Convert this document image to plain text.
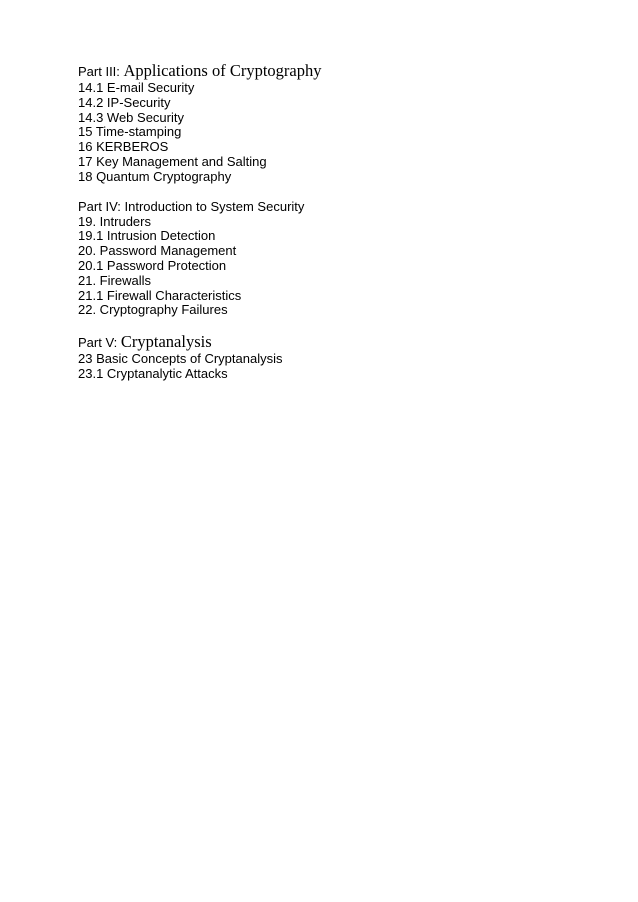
Part III: Applications of Cryptography
14.1 E-mail Security
14.2 IP-Security
14.3 Web Security
15 Time-stamping
16 KERBEROS
17 Key Management and Salting
18 Quantum Cryptography
Part IV: Introduction to System Security
19. Intruders
19.1 Intrusion Detection
20. Password Management
20.1 Password Protection
21. Firewalls
21.1 Firewall Characteristics
22. Cryptography Failures
Part V: Cryptanalysis
23 Basic Concepts of Cryptanalysis
23.1 Cryptanalytic Attacks
